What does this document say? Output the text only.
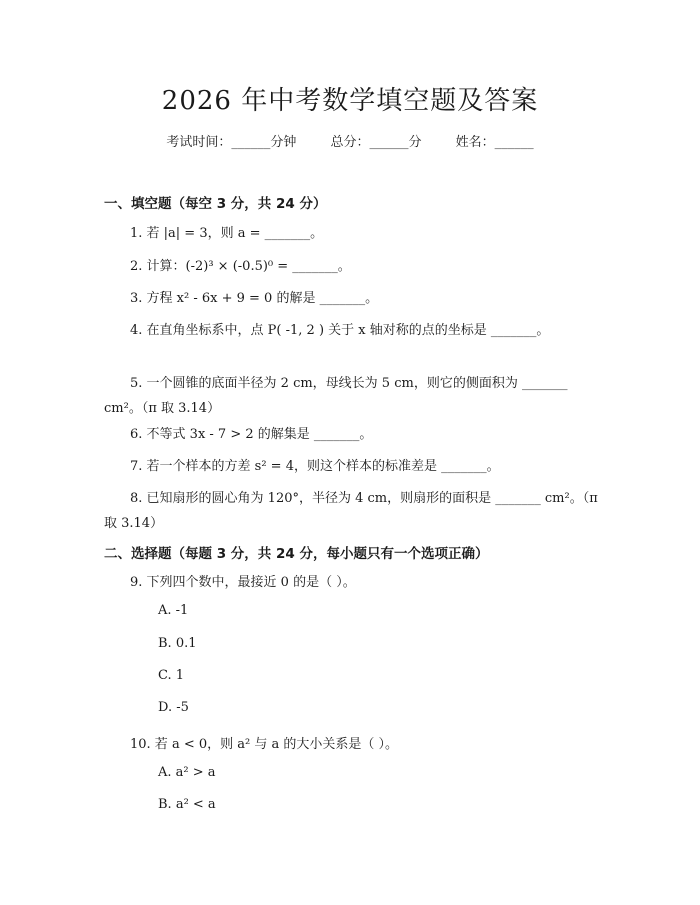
2026 年中考数学填空题及答案
考试时间：______分钟	总分：______分	姓名：______
一、填空题（每空 3 分，共 24 分）
1. 若 |a| = 3，则 a = _______。
2. 计算：(-2)³ × (-0.5)⁰ = _______。
3. 方程 x² - 6x + 9 = 0 的解是 _______。
4. 在直角坐标系中，点 P( -1, 2 ) 关于 x 轴对称的点的坐标是 _______。
5. 一个圆锥的底面半径为 2 cm，母线长为 5 cm，则它的侧面积为 _______ cm²。（π 取 3.14）
6. 不等式 3x - 7 > 2 的解集是 _______。
7. 若一个样本的方差 s² = 4，则这个样本的标准差是 _______。
8. 已知扇形的圆心角为 120°，半径为 4 cm，则扇形的面积是 _______ cm²。（π 取 3.14）
二、选择题（每题 3 分，共 24 分，每小题只有一个选项正确）
9. 下列四个数中，最接近 0 的是（ ）。
A. -1
B. 0.1
C. 1
D. -5
10. 若 a < 0，则 a² 与 a 的大小关系是（ ）。
A. a² > a
B. a² < a
